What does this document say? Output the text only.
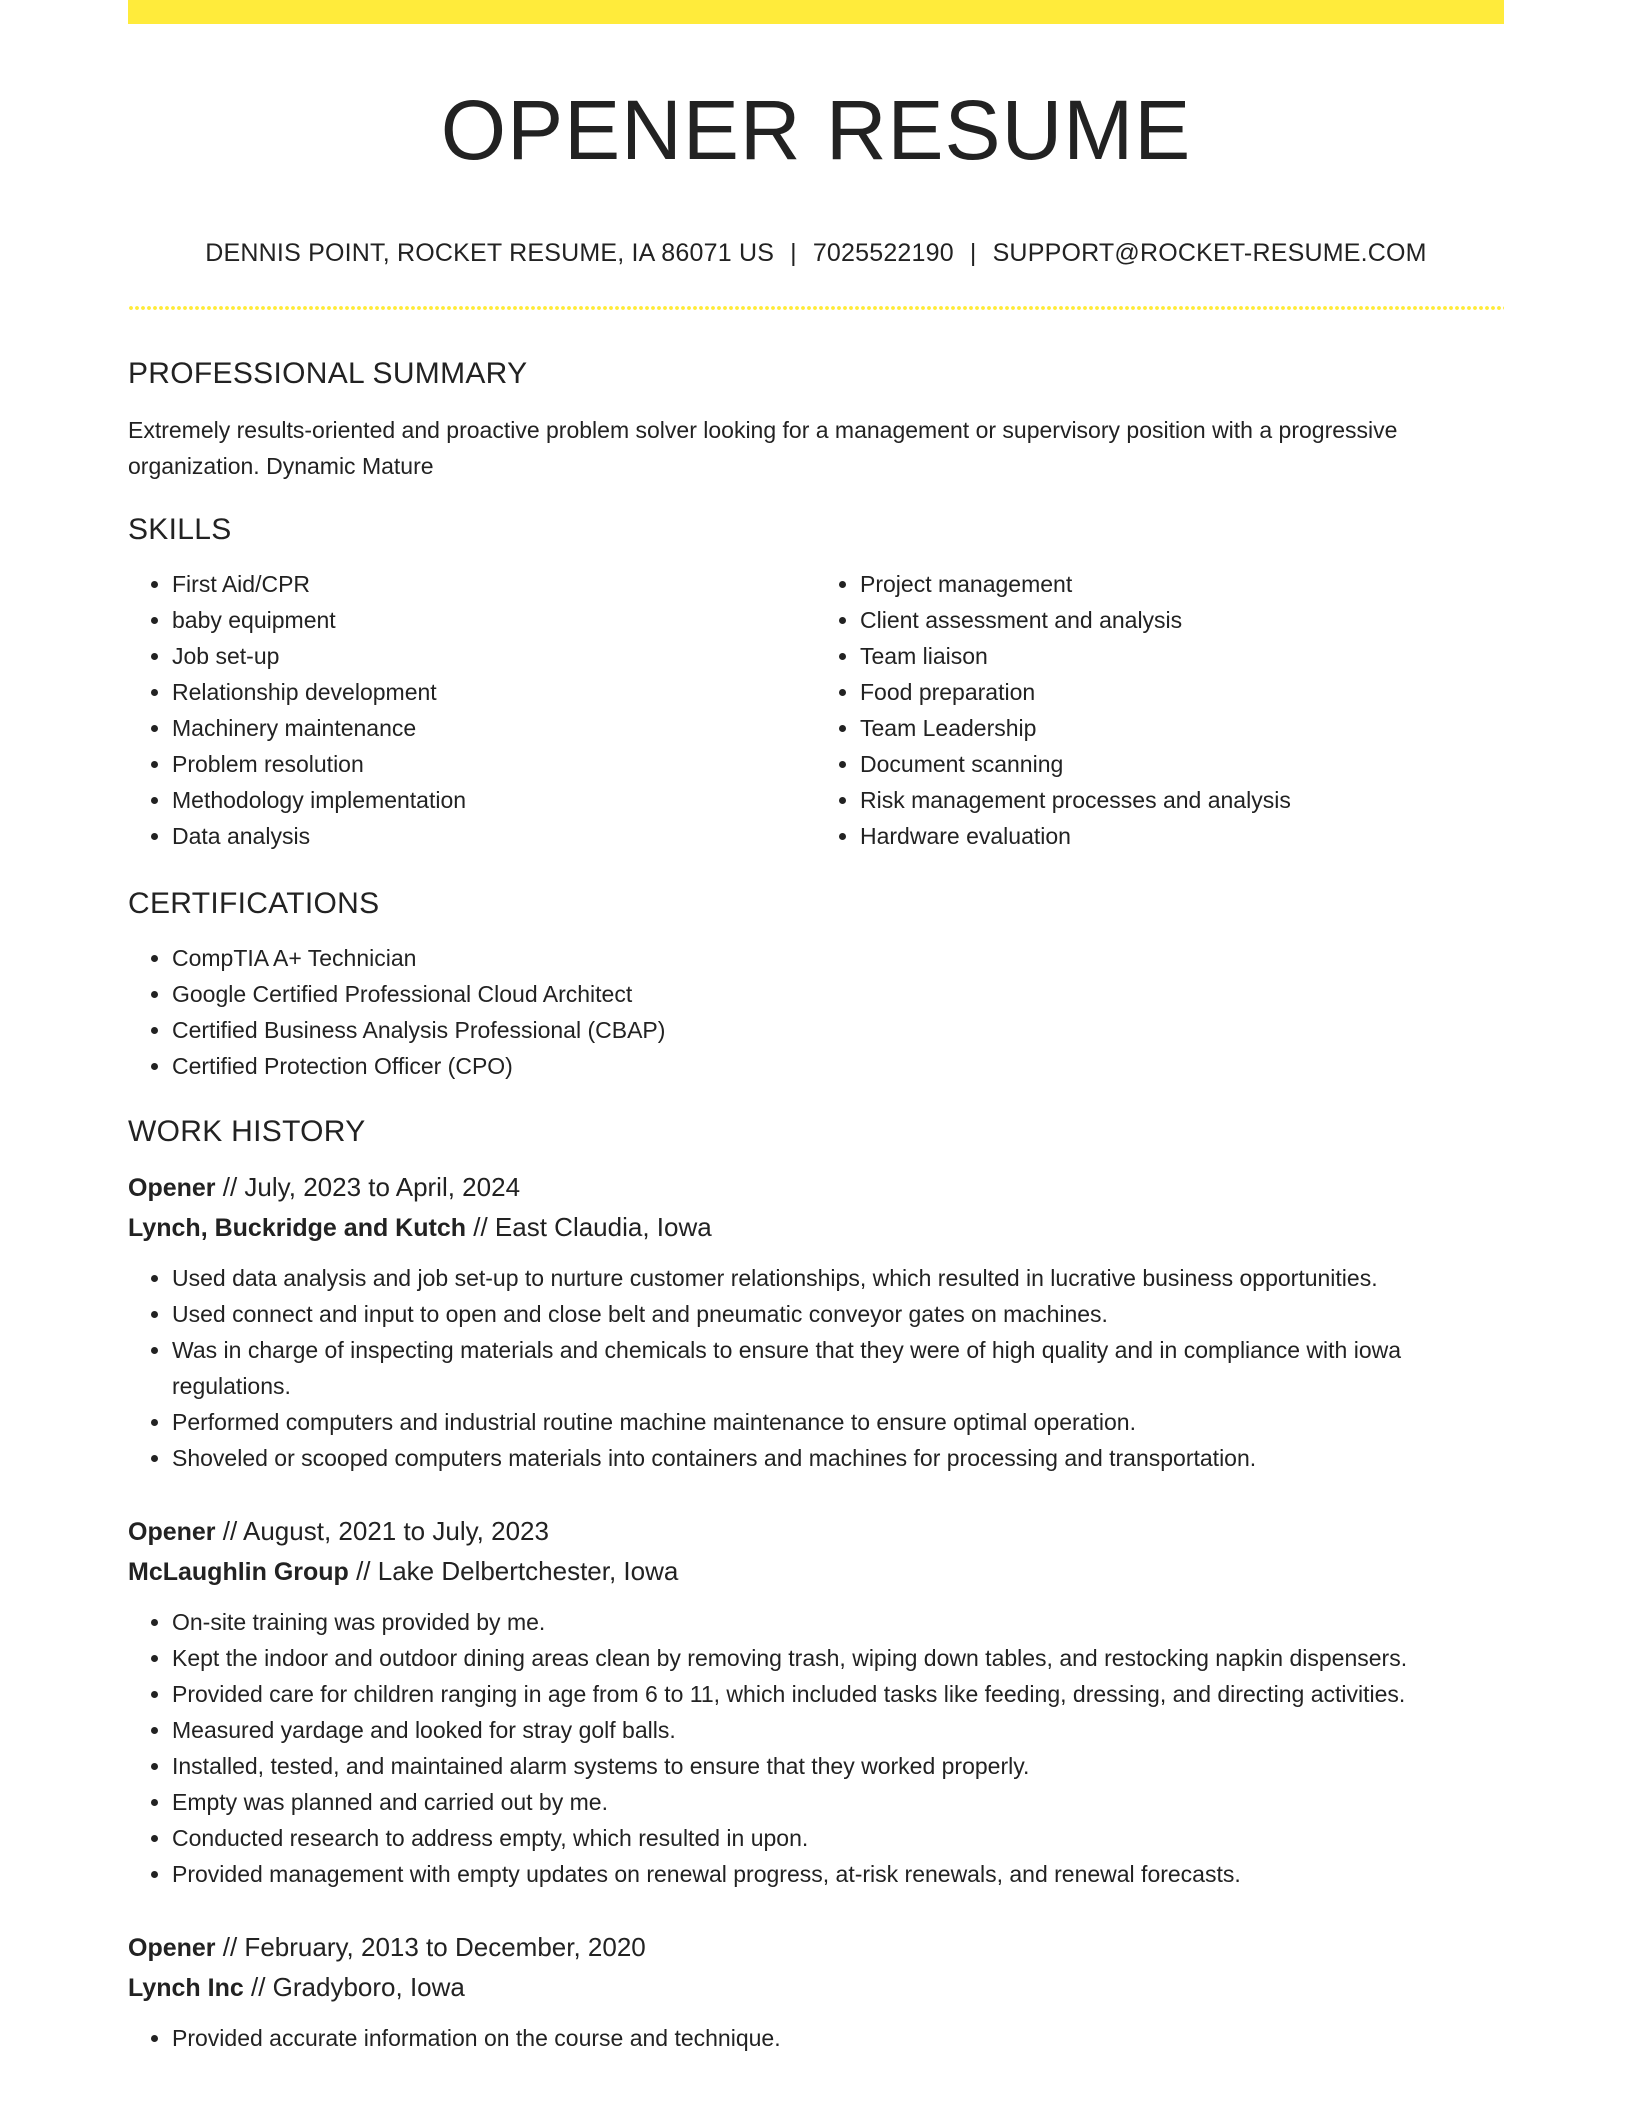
OPENER RESUME
DENNIS POINT, ROCKET RESUME, IA 86071 US | 7025522190 | SUPPORT@ROCKET-RESUME.COM
PROFESSIONAL SUMMARY

Extremely results-oriented and proactive problem solver looking for a management or supervisory position with a progressive organization. Dynamic Mature

SKILLS
• First Aid/CPR
• baby equipment
• Job set-up
• Relationship development
• Machinery maintenance
• Problem resolution
• Methodology implementation
• Data analysis
• Project management
• Client assessment and analysis
• Team liaison
• Food preparation
• Team Leadership
• Document scanning
• Risk management processes and analysis
• Hardware evaluation
CERTIFICATIONS
• CompTIA A+ Technician
• Google Certified Professional Cloud Architect
• Certified Business Analysis Professional (CBAP)
• Certified Protection Officer (CPO)
WORK HISTORY
Opener // July, 2023 to April, 2024
Lynch, Buckridge and Kutch // East Claudia, Iowa
• Used data analysis and job set-up to nurture customer relationships, which resulted in lucrative business opportunities.
• Used connect and input to open and close belt and pneumatic conveyor gates on machines.
• Was in charge of inspecting materials and chemicals to ensure that they were of high quality and in compliance with iowa regulations.
• Performed computers and industrial routine machine maintenance to ensure optimal operation.
• Shoveled or scooped computers materials into containers and machines for processing and transportation.
Opener // August, 2021 to July, 2023
McLaughlin Group // Lake Delbertchester, Iowa
• On-site training was provided by me.
• Kept the indoor and outdoor dining areas clean by removing trash, wiping down tables, and restocking napkin dispensers.
• Provided care for children ranging in age from 6 to 11, which included tasks like feeding, dressing, and directing activities.
• Measured yardage and looked for stray golf balls.
• Installed, tested, and maintained alarm systems to ensure that they worked properly.
• Empty was planned and carried out by me.
• Conducted research to address empty, which resulted in upon.
• Provided management with empty updates on renewal progress, at-risk renewals, and renewal forecasts.
Opener // February, 2013 to December, 2020
Lynch Inc // Gradyboro, Iowa
• Provided accurate information on the course and technique.
